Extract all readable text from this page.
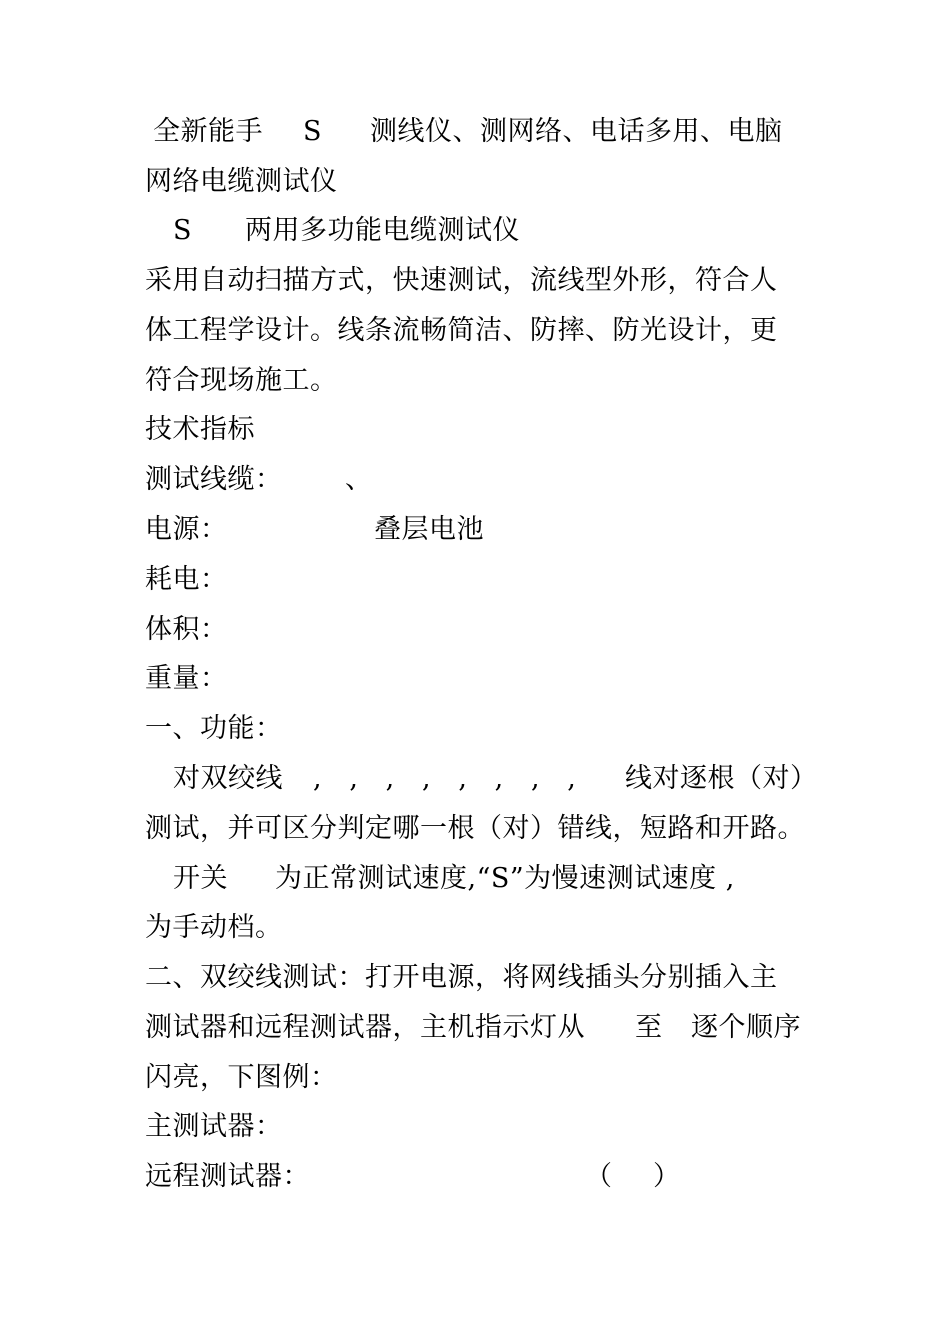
全新能手

S

测线仪、测网络、电话多用、电脑

网络电缆测试仪

S

两用多功能电缆测试仪

采用自动扫描方式，快速测试，流线型外形，符合人
体工程学设计。线条流畅简洁、防摔、防光设计，更
符合现场施工。
技术指标

测试线缆：

、

电源：

	叠层电池

耗电：
体积：
重量：
一、功能：

对双绞线

,   ,   ,   ,   ,   ,   ,   ,

线对逐根（对）

测试，并可区分判定哪一根（对）错线，短路和开路。

开关

为正常测试速度,“S”为慢速测试速度 ,

为手动档。
二、双绞线测试：打开电源，将网线插头分别插入主

测试器和远程测试器，主机指示灯从

至

逐个顺序

闪亮，下图例：
主测试器：

远程测试器：

	（

）
